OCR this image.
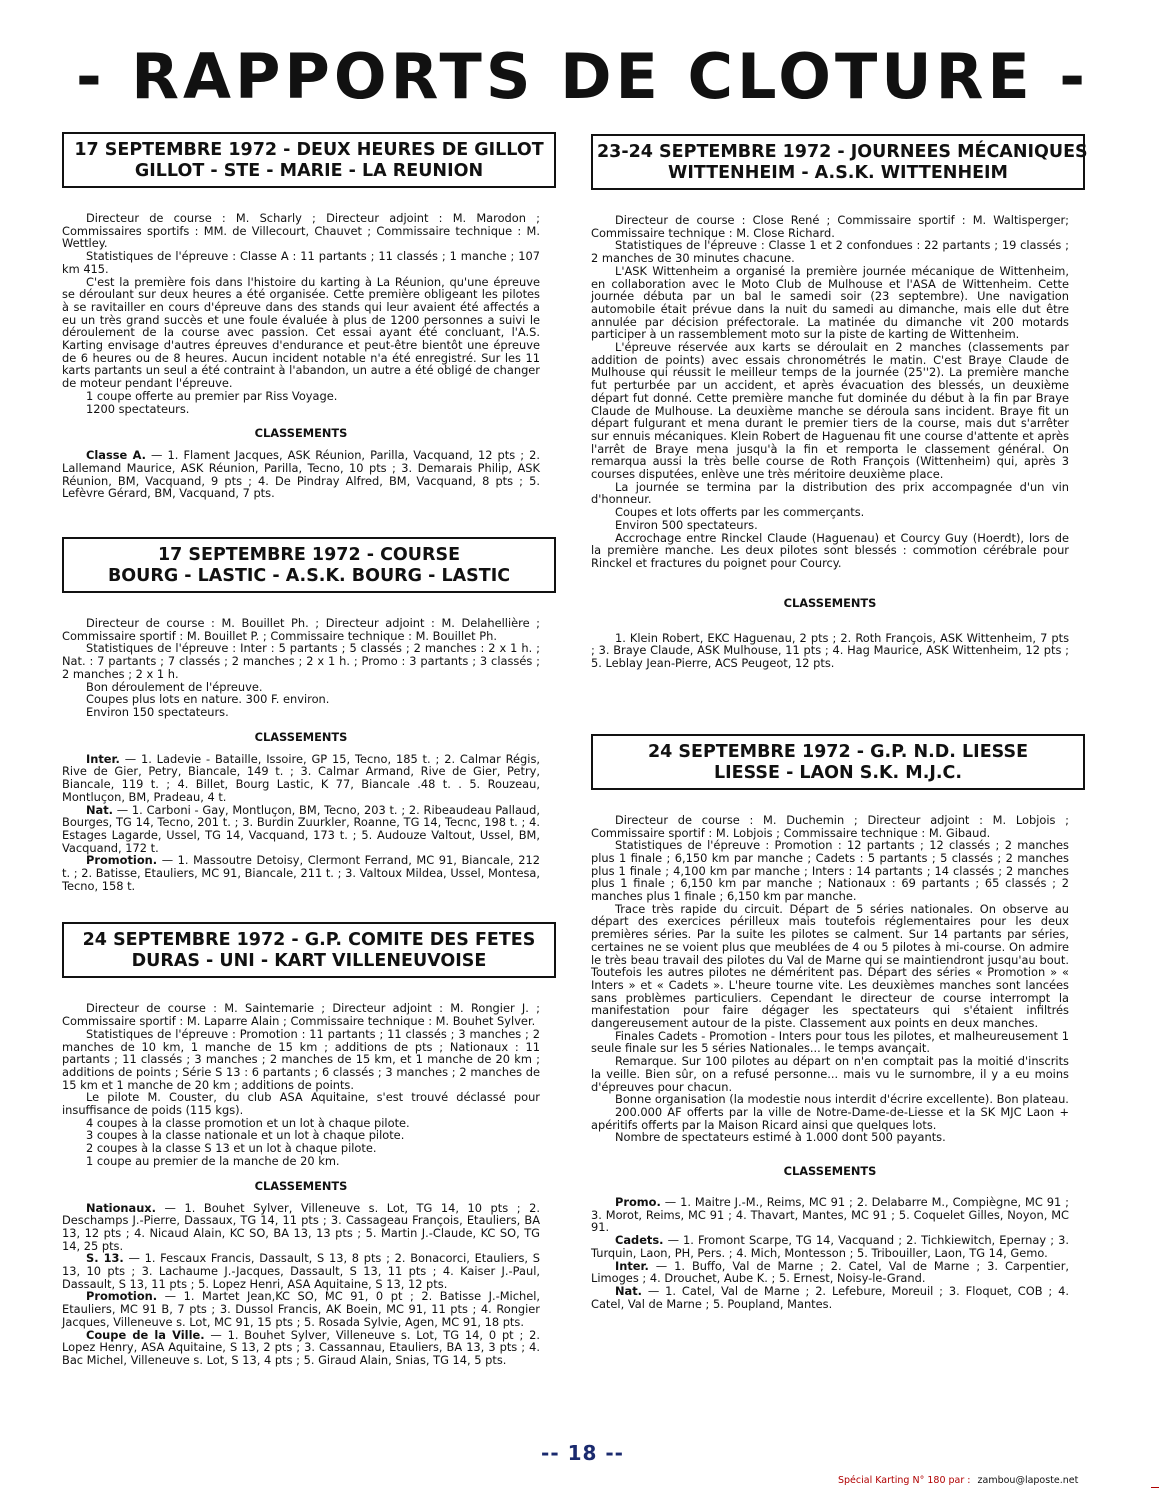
- RAPPORTS DE CLOTURE -
17 SEPTEMBRE 1972 - DEUX HEURES DE GILLOT
GILLOT - STE - MARIE - LA REUNION

Directeur de course : M. Scharly ; Directeur adjoint : M. Marodon ; Commissaires sportifs : MM. de Villecourt, Chauvet ; Commissaire technique : M. Wettley.

Statistiques de l'épreuve : Classe A : 11 partants ; 11 classés ; 1 manche ; 107 km 415.

C'est la première fois dans l'histoire du karting à La Réunion, qu'une épreuve se déroulant sur deux heures a été organisée. Cette première obligeant les pilotes à se ravitailler en cours d'épreuve dans des stands qui leur avaient été affectés a eu un très grand succès et une foule évaluée à plus de 1200 personnes a suivi le déroulement de la course avec passion. Cet essai ayant été concluant, l'A.S. Karting envisage d'autres épreuves d'endurance et peut-être bientôt une épreuve de 6 heures ou de 8 heures. Aucun incident notable n'a été enregistré. Sur les 11 karts partants un seul a été contraint à l'abandon, un autre a été obligé de changer de moteur pendant l'épreuve.

1 coupe offerte au premier par Riss Voyage.

1200 spectateurs.

CLASSEMENTS

Classe A. — 1. Flament Jacques, ASK Réunion, Parilla, Vacquand, 12 pts ; 2. Lallemand Maurice, ASK Réunion, Parilla, Tecno, 10 pts ; 3. Demarais Philip, ASK Réunion, BM, Vacquand, 9 pts ; 4. De Pindray Alfred, BM, Vacquand, 8 pts ; 5. Lefèvre Gérard, BM, Vacquand, 7 pts.

17 SEPTEMBRE 1972 - COURSE
BOURG - LASTIC - A.S.K. BOURG - LASTIC

Directeur de course : M. Bouillet Ph. ; Directeur adjoint : M. Delahellière ; Commissaire sportif : M. Bouillet P. ; Commissaire technique : M. Bouillet Ph.

Statistiques de l'épreuve : Inter : 5 partants ; 5 classés ; 2 manches : 2 x 1 h. ; Nat. : 7 partants ; 7 classés ; 2 manches ; 2 x 1 h. ; Promo : 3 partants ; 3 classés ; 2 manches ; 2 x 1 h.

Bon déroulement de l'épreuve.

Coupes plus lots en nature. 300 F. environ.

Environ 150 spectateurs.

CLASSEMENTS

Inter. — 1. Ladevie - Bataille, Issoire, GP 15, Tecno, 185 t. ; 2. Calmar Régis, Rive de Gier, Petry, Biancale, 149 t. ; 3. Calmar Armand, Rive de Gier, Petry, Biancale, 119 t. ; 4. Billet, Bourg Lastic, K 77, Biancale .48 t. . 5. Rouzeau, Montluçon, BM, Pradeau, 4 t.

Nat. — 1. Carboni - Gay, Montluçon, BM, Tecno, 203 t. ; 2. Ribeaudeau Pallaud, Bourges, TG 14, Tecno, 201 t. ; 3. Burdin Zuurkler, Roanne, TG 14, Tecnc, 198 t. ; 4. Estages Lagarde, Ussel, TG 14, Vacquand, 173 t. ; 5. Audouze Valtout, Ussel, BM, Vacquand, 172 t.

Promotion. — 1. Massoutre Detoisy, Clermont Ferrand, MC 91, Biancale, 212 t. ; 2. Batisse, Etauliers, MC 91, Biancale, 211 t. ; 3. Valtoux Mildea, Ussel, Montesa, Tecno, 158 t.

24 SEPTEMBRE 1972 - G.P. COMITE DES FETES
DURAS - UNI - KART VILLENEUVOISE

Directeur de course : M. Saintemarie ; Directeur adjoint : M. Rongier J. ; Commissaire sportif : M. Laparre Alain ; Commissaire technique : M. Bouhet Sylver.

Statistiques de l'épreuve : Promotion : 11 partants ; 11 classés ; 3 manches ; 2 manches de 10 km, 1 manche de 15 km ; additions de pts ; Nationaux : 11 partants ; 11 classés ; 3 manches ; 2 manches de 15 km, et 1 manche de 20 km ; additions de points ; Série S 13 : 6 partants ; 6 classés ; 3 manches ; 2 manches de 15 km et 1 manche de 20 km ; additions de points.

Le pilote M. Couster, du club ASA Aquitaine, s'est trouvé déclassé pour insuffisance de poids (115 kgs).

4 coupes à la classe promotion et un lot à chaque pilote.

3 coupes à la classe nationale et un lot à chaque pilote.

2 coupes à la classe S 13 et un lot à chaque pilote.

1 coupe au premier de la manche de 20 km.

CLASSEMENTS

Nationaux. — 1. Bouhet Sylver, Villeneuve s. Lot, TG 14, 10 pts ; 2. Deschamps J.-Pierre, Dassaux, TG 14, 11 pts ; 3. Cassageau François, Etauliers, BA 13, 12 pts ; 4. Nicaud Alain, KC SO, BA 13, 13 pts ; 5. Martin J.-Claude, KC SO, TG 14, 25 pts.

S. 13. — 1. Fescaux Francis, Dassault, S 13, 8 pts ; 2. Bonacorci, Etauliers, S 13, 10 pts ; 3. Lachaume J.-Jacques, Dassault, S 13, 11 pts ; 4. Kaiser J.-Paul, Dassault, S 13, 11 pts ; 5. Lopez Henri, ASA Aquitaine, S 13, 12 pts.

Promotion. — 1. Martet Jean,KC SO, MC 91, 0 pt ; 2. Batisse J.-Michel, Etauliers, MC 91 B, 7 pts ; 3. Dussol Francis, AK Boein, MC 91, 11 pts ; 4. Rongier Jacques, Villeneuve s. Lot, MC 91, 15 pts ; 5. Rosada Sylvie, Agen, MC 91, 18 pts.

Coupe de la Ville. — 1. Bouhet Sylver, Villeneuve s. Lot, TG 14, 0 pt ; 2. Lopez Henry, ASA Aquitaine, S 13, 2 pts ; 3. Cassannau, Etauliers, BA 13, 3 pts ; 4. Bac Michel, Villeneuve s. Lot, S 13, 4 pts ; 5. Giraud Alain, Snias, TG 14, 5 pts.

23-24 SEPTEMBRE 1972 - JOURNEES MÉCANIQUES
WITTENHEIM - A.S.K. WITTENHEIM

Directeur de course : Close René ; Commissaire sportif : M. Waltisperger; Commissaire technique : M. Close Richard.

Statistiques de l'épreuve : Classe 1 et 2 confondues : 22 partants ; 19 classés ; 2 manches de 30 minutes chacune.

L'ASK Wittenheim a organisé la première journée mécanique de Wittenheim, en collaboration avec le Moto Club de Mulhouse et l'ASA de Wittenheim. Cette journée débuta par un bal le samedi soir (23 septembre). Une navigation automobile était prévue dans la nuit du samedi au dimanche, mais elle dut être annulée par décision préfectorale. La matinée du dimanche vit 200 motards participer à un rassemblement moto sur la piste de karting de Wittenheim.

L'épreuve réservée aux karts se déroulait en 2 manches (classements par addition de points) avec essais chronométrés le matin. C'est Braye Claude de Mulhouse qui réussit le meilleur temps de la journée (25''2). La première manche fut perturbée par un accident, et après évacuation des blessés, un deuxième départ fut donné. Cette première manche fut dominée du début à la fin par Braye Claude de Mulhouse. La deuxième manche se déroula sans incident. Braye fit un départ fulgurant et mena durant le premier tiers de la course, mais dut s'arrêter sur ennuis mécaniques. Klein Robert de Haguenau fit une course d'attente et après l'arrêt de Braye mena jusqu'à la fin et remporta le classement général. On remarqua aussi la très belle course de Roth François (Wittenheim) qui, après 3 courses disputées, enlève une très méritoire deuxième place.

La journée se termina par la distribution des prix accompagnée d'un vin d'honneur.

Coupes et lots offerts par les commerçants.

Environ 500 spectateurs.

Accrochage entre Rinckel Claude (Haguenau) et Courcy Guy (Hoerdt), lors de la première manche. Les deux pilotes sont blessés : commotion cérébrale pour Rinckel et fractures du poignet pour Courcy.

CLASSEMENTS

1. Klein Robert, EKC Haguenau, 2 pts ; 2. Roth François, ASK Wittenheim, 7 pts ; 3. Braye Claude, ASK Mulhouse, 11 pts ; 4. Hag Maurice, ASK Wittenheim, 12 pts ; 5. Leblay Jean-Pierre, ACS Peugeot, 12 pts.

24 SEPTEMBRE 1972 - G.P. N.D. LIESSE
LIESSE - LAON S.K. M.J.C.

Directeur de course : M. Duchemin ; Directeur adjoint : M. Lobjois ; Commissaire sportif : M. Lobjois ; Commissaire technique : M. Gibaud.

Statistiques de l'épreuve : Promotion : 12 partants ; 12 classés ; 2 manches plus 1 finale ; 6,150 km par manche ; Cadets : 5 partants ; 5 classés ; 2 manches plus 1 finale ; 4,100 km par manche ; Inters : 14 partants ; 14 classés ; 2 manches plus 1 finale ; 6,150 km par manche ; Nationaux : 69 partants ; 65 classés ; 2 manches plus 1 finale ; 6,150 km par manche.

Trace très rapide du circuit. Départ de 5 séries nationales. On observe au départ des exercices périlleux mais toutefois réglementaires pour les deux premières séries. Par la suite les pilotes se calment. Sur 14 partants par séries, certaines ne se voient plus que meublées de 4 ou 5 pilotes à mi-course. On admire le très beau travail des pilotes du Val de Marne qui se maintiendront jusqu'au bout. Toutefois les autres pilotes ne déméritent pas. Départ des séries « Promotion » « Inters » et « Cadets ». L'heure tourne vite. Les deuxièmes manches sont lancées sans problèmes particuliers. Cependant le directeur de course interrompt la manifestation pour faire dégager les spectateurs qui s'étaient infiltrés dangereusement autour de la piste. Classement aux points en deux manches.

Finales Cadets - Promotion - Inters pour tous les pilotes, et malheureusement 1 seule finale sur les 5 séries Nationales... le temps avançait.

Remarque. Sur 100 pilotes au départ on n'en comptait pas la moitié d'inscrits la veille. Bien sûr, on a refusé personne... mais vu le surnombre, il y a eu moins d'épreuves pour chacun.

Bonne organisation (la modestie nous interdit d'écrire excellente). Bon plateau.

200.000 AF offerts par la ville de Notre-Dame-de-Liesse et la SK MJC Laon + apéritifs offerts par la Maison Ricard ainsi que quelques lots.

Nombre de spectateurs estimé à 1.000 dont 500 payants.

CLASSEMENTS

Promo. — 1. Maitre J.-M., Reims, MC 91 ; 2. Delabarre M., Compiègne, MC 91 ; 3. Morot, Reims, MC 91 ; 4. Thavart, Mantes, MC 91 ; 5. Coquelet Gilles, Noyon, MC 91.

Cadets. — 1. Fromont Scarpe, TG 14, Vacquand ; 2. Tichkiewitch, Epernay ; 3. Turquin, Laon, PH, Pers. ; 4. Mich, Montesson ; 5. Tribouiller, Laon, TG 14, Gemo.

Inter. — 1. Buffo, Val de Marne ; 2. Catel, Val de Marne ; 3. Carpentier, Limoges ; 4. Drouchet, Aube K. ; 5. Ernest, Noisy-le-Grand.

Nat. — 1. Catel, Val de Marne ; 2. Lefebure, Moreuil ; 3. Floquet, COB ; 4. Catel, Val de Marne ; 5. Poupland, Mantes.

-- 18 --
Spécial Karting N° 180 par : zambou@laposte.net
